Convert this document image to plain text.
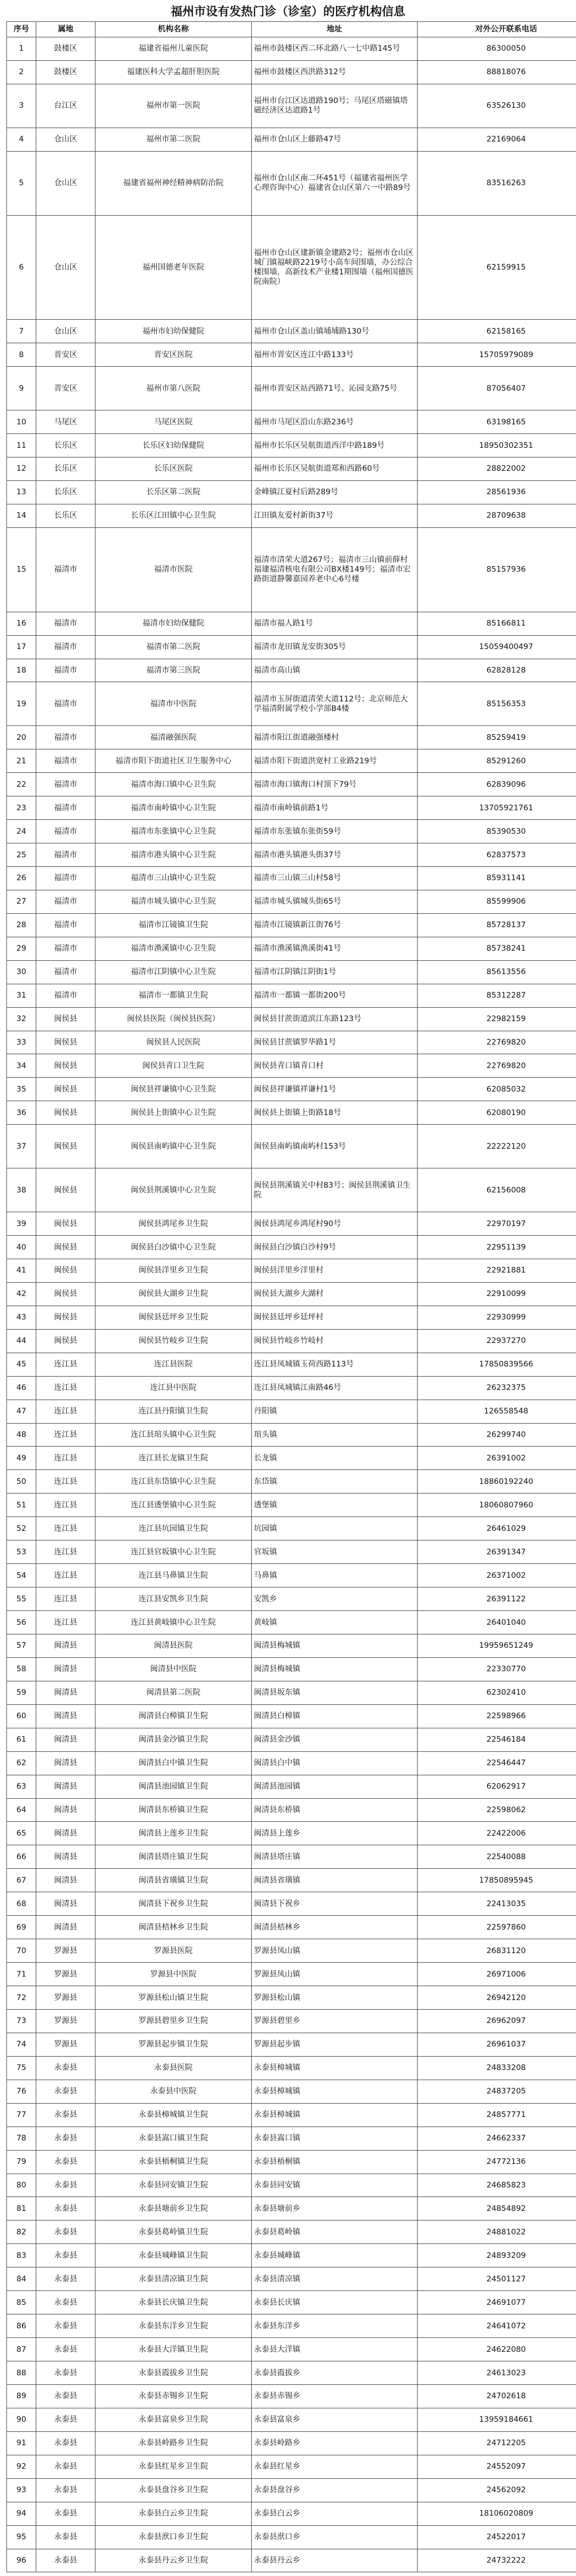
福州市设有发热门诊（诊室）的医疗机构信息
序号	属地	机构名称	地址	对外公开联系电话
1	鼓楼区	福建省福州儿童医院	福州市鼓楼区西二环北路八一七中路145号	86300050
2	鼓楼区	福建医科大学孟超肝胆医院	福州市鼓楼区西洪路312号	88818076
3	台江区	福州市第一医院	福州市台江区达道路190号；马尾区塔磁镇塔磁经济区达道路1号	63526130
4	仓山区	福州市第二医院	福州市仓山区上藤路47号	22169064
5	仓山区	福建省福州神经精神病防治院	福州市仓山区南二环451号（福建省福州医学心理咨询中心）福建省仓山区第六一中路89号	83516263
6	仓山区	福州国德老年医院	福州市仓山区建新镇金建路2号；福州市仓山区城门镇福峡路2219号小高车间围墙，办公综合楼围墙，高新技术产业楼1期围墙（福州国德医院南院）	62159915
7	仓山区	福州市妇幼保健院	福州市仓山区盖山镇埔埔路130号	62158165
8	晋安区	晋安区医院	福州市晋安区连江中路133号	15705979089
9	晋安区	福州市第八医院	福州市晋安区站西路71号、沁园支路75号	87056407
10	马尾区	马尾区医院	福州市马尾区沿山东路236号	63198165
11	长乐区	长乐区妇幼保健院	福州市长乐区吴航街道西洋中路189号	18950302351
12	长乐区	长乐区医院	福州市长乐区吴航街道郑和西路60号	28822002
13	长乐区	长乐区第二医院	金峰镇江夏村后路289号	28561936
14	长乐区	长乐区江田镇中心卫生院	江田镇友爱村新街37号	28709638
15	福清市	福清市医院	福清市清荣大道267号；福清市三山镇前薛村福建福清核电有限公司BX楼149号；福清市宏路街道静馨嘉园养老中心6号楼	85157936
16	福清市	福清市妇幼保健院	福清市福人路1号	85166811
17	福清市	福清市第二医院	福清市龙田镇龙安街305号	15059400497
18	福清市	福清市第三医院	福清市高山镇	62828128
19	福清市	福清市中医院	福清市玉屏街道清荣大道112号；北京师范大学福清附属学校小学部B4楼	85156353
20	福清市	福清融强医院	福清市阳江街道融强楼村	85259419
21	福清市	福清市阳下街道社区卫生服务中心	福清市阳下街道洪宽村工业路219号	85291260
22	福清市	福清市海口镇中心卫生院	福清市海口镇海口村顶下79号	62839096
23	福清市	福清市南岭镇中心卫生院	福清市南岭镇前路1号	13705921761
24	福清市	福清市东张镇中心卫生院	福清市东张镇东张街59号	85390530
25	福清市	福清市港头镇中心卫生院	福清市港头镇港头街37号	62837573
26	福清市	福清市三山镇中心卫生院	福清市三山镇三山村58号	85931141
27	福清市	福清市城头镇中心卫生院	福清市城头镇城头街65号	85599906
28	福清市	福清市江镜镇卫生院	福清市江镜镇新江街76号	85728137
29	福清市	福清市渔溪镇中心卫生院	福清市渔溪镇渔溪街41号	85738241
30	福清市	福清市江阴镇中心卫生院	福清市江阴镇江阴街1号	85613556
31	福清市	福清市一都镇卫生院	福清市一都镇一都街200号	85312287
32	闽侯县	闽侯县医院（闽侯县医院）	闽侯县甘蔗街道滨江东路123号	22982159
33	闽侯县	闽侯县人民医院	闽侯县甘蔗镇罗华路1号	22769820
34	闽侯县	闽侯县青口卫生院	闽侯县青口镇青口村	22769820
35	闽侯县	闽侯县祥谦镇中心卫生院	闽侯县祥谦镇祥谦村1号	62085032
36	闽侯县	闽侯县上街镇中心卫生院	闽侯县上街镇上街路18号	62080190
37	闽侯县	闽侯县南屿镇中心卫生院	闽侯县南屿镇南屿村153号	22222120
38	闽侯县	闽侯县荆溪镇中心卫生院	闽侯县荆溪镇关中村83号；闽侯县荆溪镇卫生院	62156008
39	闽侯县	闽侯县鸿尾乡卫生院	闽侯县鸿尾乡鸿尾村90号	22970197
40	闽侯县	闽侯县白沙镇中心卫生院	闽侯县白沙镇白沙村9号	22951139
41	闽侯县	闽侯县洋里乡卫生院	闽侯县洋里乡洋里村	22921881
42	闽侯县	闽侯县大湖乡卫生院	闽侯县大湖乡大湖村	22910099
43	闽侯县	闽侯县廷坪乡卫生院	闽侯县廷坪乡廷坪村	22930999
44	闽侯县	闽侯县竹岐乡卫生院	闽侯县竹岐乡竹岐村	22937270
45	连江县	连江县医院	连江县凤城镇玉荷西路113号	17850839566
46	连江县	连江县中医院	连江县凤城镇江南路46号	26232375
47	连江县	连江县丹阳镇卫生院	丹阳镇	126558548
48	连江县	连江县琯头镇中心卫生院	琯头镇	26299740
49	连江县	连江县长龙镇卫生院	长龙镇	26391002
50	连江县	连江县东岱镇中心卫生院	东岱镇	18860192240
51	连江县	连江县透堡镇中心卫生院	透堡镇	18060807960
52	连江县	连江县坑园镇卫生院	坑园镇	26461029
53	连江县	连江县官坂镇中心卫生院	官坂镇	26391347
54	连江县	连江县马鼻镇卫生院	马鼻镇	26371002
55	连江县	连江县安凯乡卫生院	安凯乡	26391122
56	连江县	连江县黄岐镇中心卫生院	黄岐镇	26401040
57	闽清县	闽清县医院	闽清县梅城镇	19959651249
58	闽清县	闽清县中医院	闽清县梅城镇	22330770
59	闽清县	闽清县第二医院	闽清县坂东镇	62302410
60	闽清县	闽清县白樟镇卫生院	闽清县白樟镇	22598966
61	闽清县	闽清县金沙镇卫生院	闽清县金沙镇	22546184
62	闽清县	闽清县白中镇卫生院	闽清县白中镇	22546447
63	闽清县	闽清县池园镇卫生院	闽清县池园镇	62062917
64	闽清县	闽清县东桥镇卫生院	闽清县东桥镇	22598062
65	闽清县	闽清县上莲乡卫生院	闽清县上莲乡	22422006
66	闽清县	闽清县塔庄镇卫生院	闽清县塔庄镇	22540088
67	闽清县	闽清县省璜镇卫生院	闽清县省璜镇	17850895945
68	闽清县	闽清县下祝乡卫生院	闽清县下祝乡	22413035
69	闽清县	闽清县桔林乡卫生院	闽清县桔林乡	22597860
70	罗源县	罗源县医院	罗源县凤山镇	26831120
71	罗源县	罗源县中医院	罗源县凤山镇	26971006
72	罗源县	罗源县松山镇卫生院	罗源县松山镇	26942120
73	罗源县	罗源县碧里乡卫生院	罗源县碧里乡	26962097
74	罗源县	罗源县起步镇卫生院	罗源县起步镇	26961037
75	永泰县	永泰县医院	永泰县樟城镇	24833208
76	永泰县	永泰县中医院	永泰县樟城镇	24837205
77	永泰县	永泰县樟城镇卫生院	永泰县樟城镇	24857771
78	永泰县	永泰县嵩口镇卫生院	永泰县嵩口镇	24662337
79	永泰县	永泰县梧桐镇卫生院	永泰县梧桐镇	24772136
80	永泰县	永泰县同安镇卫生院	永泰县同安镇	24685823
81	永泰县	永泰县塘前乡卫生院	永泰县塘前乡	24854892
82	永泰县	永泰县葛岭镇卫生院	永泰县葛岭镇	24881022
83	永泰县	永泰县城峰镇卫生院	永泰县城峰镇	24893209
84	永泰县	永泰县清凉镇卫生院	永泰县清凉镇	24501127
85	永泰县	永泰县长庆镇卫生院	永泰县长庆镇	24691077
86	永泰县	永泰县东洋乡卫生院	永泰县东洋乡	24641072
87	永泰县	永泰县大洋镇卫生院	永泰县大洋镇	24622080
88	永泰县	永泰县霞拔乡卫生院	永泰县霞拔乡	24613023
89	永泰县	永泰县赤锡乡卫生院	永泰县赤锡乡	24702618
90	永泰县	永泰县富泉乡卫生院	永泰县富泉乡	13959184661
91	永泰县	永泰县岭路乡卫生院	永泰县岭路乡	24712205
92	永泰县	永泰县红星乡卫生院	永泰县红星乡	24552097
93	永泰县	永泰县盘谷乡卫生院	永泰县盘谷乡	24562092
94	永泰县	永泰县白云乡卫生院	永泰县白云乡	18106020809
95	永泰县	永泰县洑口乡卫生院	永泰县洑口乡	24522017
96	永泰县	永泰县丹云乡卫生院	永泰县丹云乡	24732222
